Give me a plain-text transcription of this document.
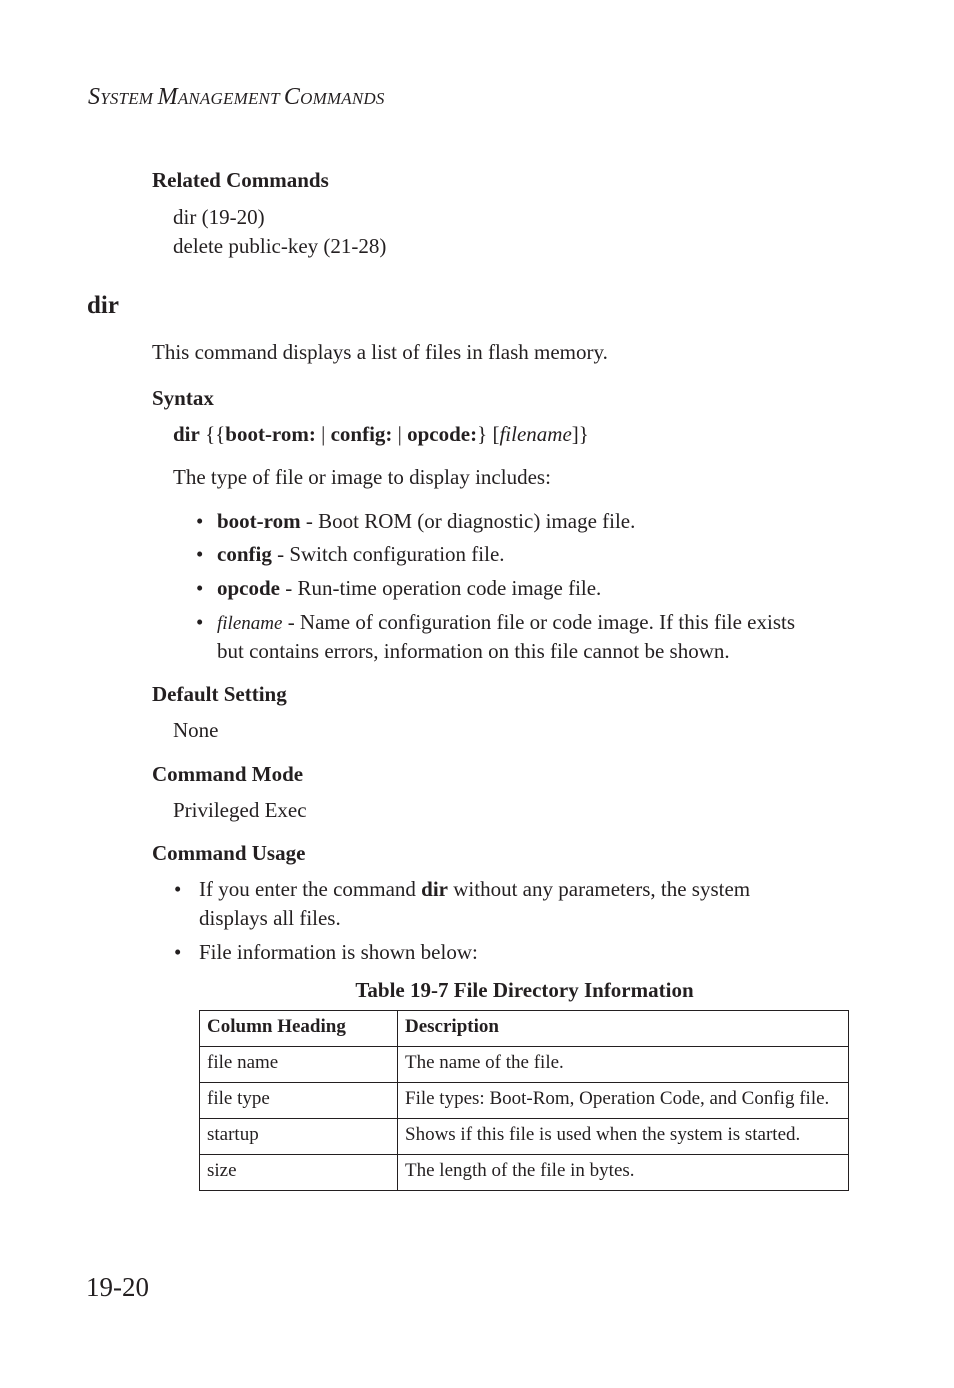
SYSTEM MANAGEMENT COMMANDS
Related Commands
dir (19-20)
delete public-key (21-28)
dir
This command displays a list of files in flash memory.
Syntax
dir {{boot-rom: | config: | opcode:} [filename]}
The type of file or image to display includes:
• boot-rom - Boot ROM (or diagnostic) image file.
• config - Switch configuration file.
• opcode - Run-time operation code image file.
• filename - Name of configuration file or code image. If this file exists
but contains errors, information on this file cannot be shown.
Default Setting
None
Command Mode
Privileged Exec
Command Usage
• If you enter the command dir without any parameters, the system
displays all files.
• File information is shown below:
Table 19-7 File Directory Information
Column Heading	Description
file name	The name of the file.
file type	File types: Boot-Rom, Operation Code, and Config file.
startup	Shows if this file is used when the system is started.
size	The length of the file in bytes.
19-20
